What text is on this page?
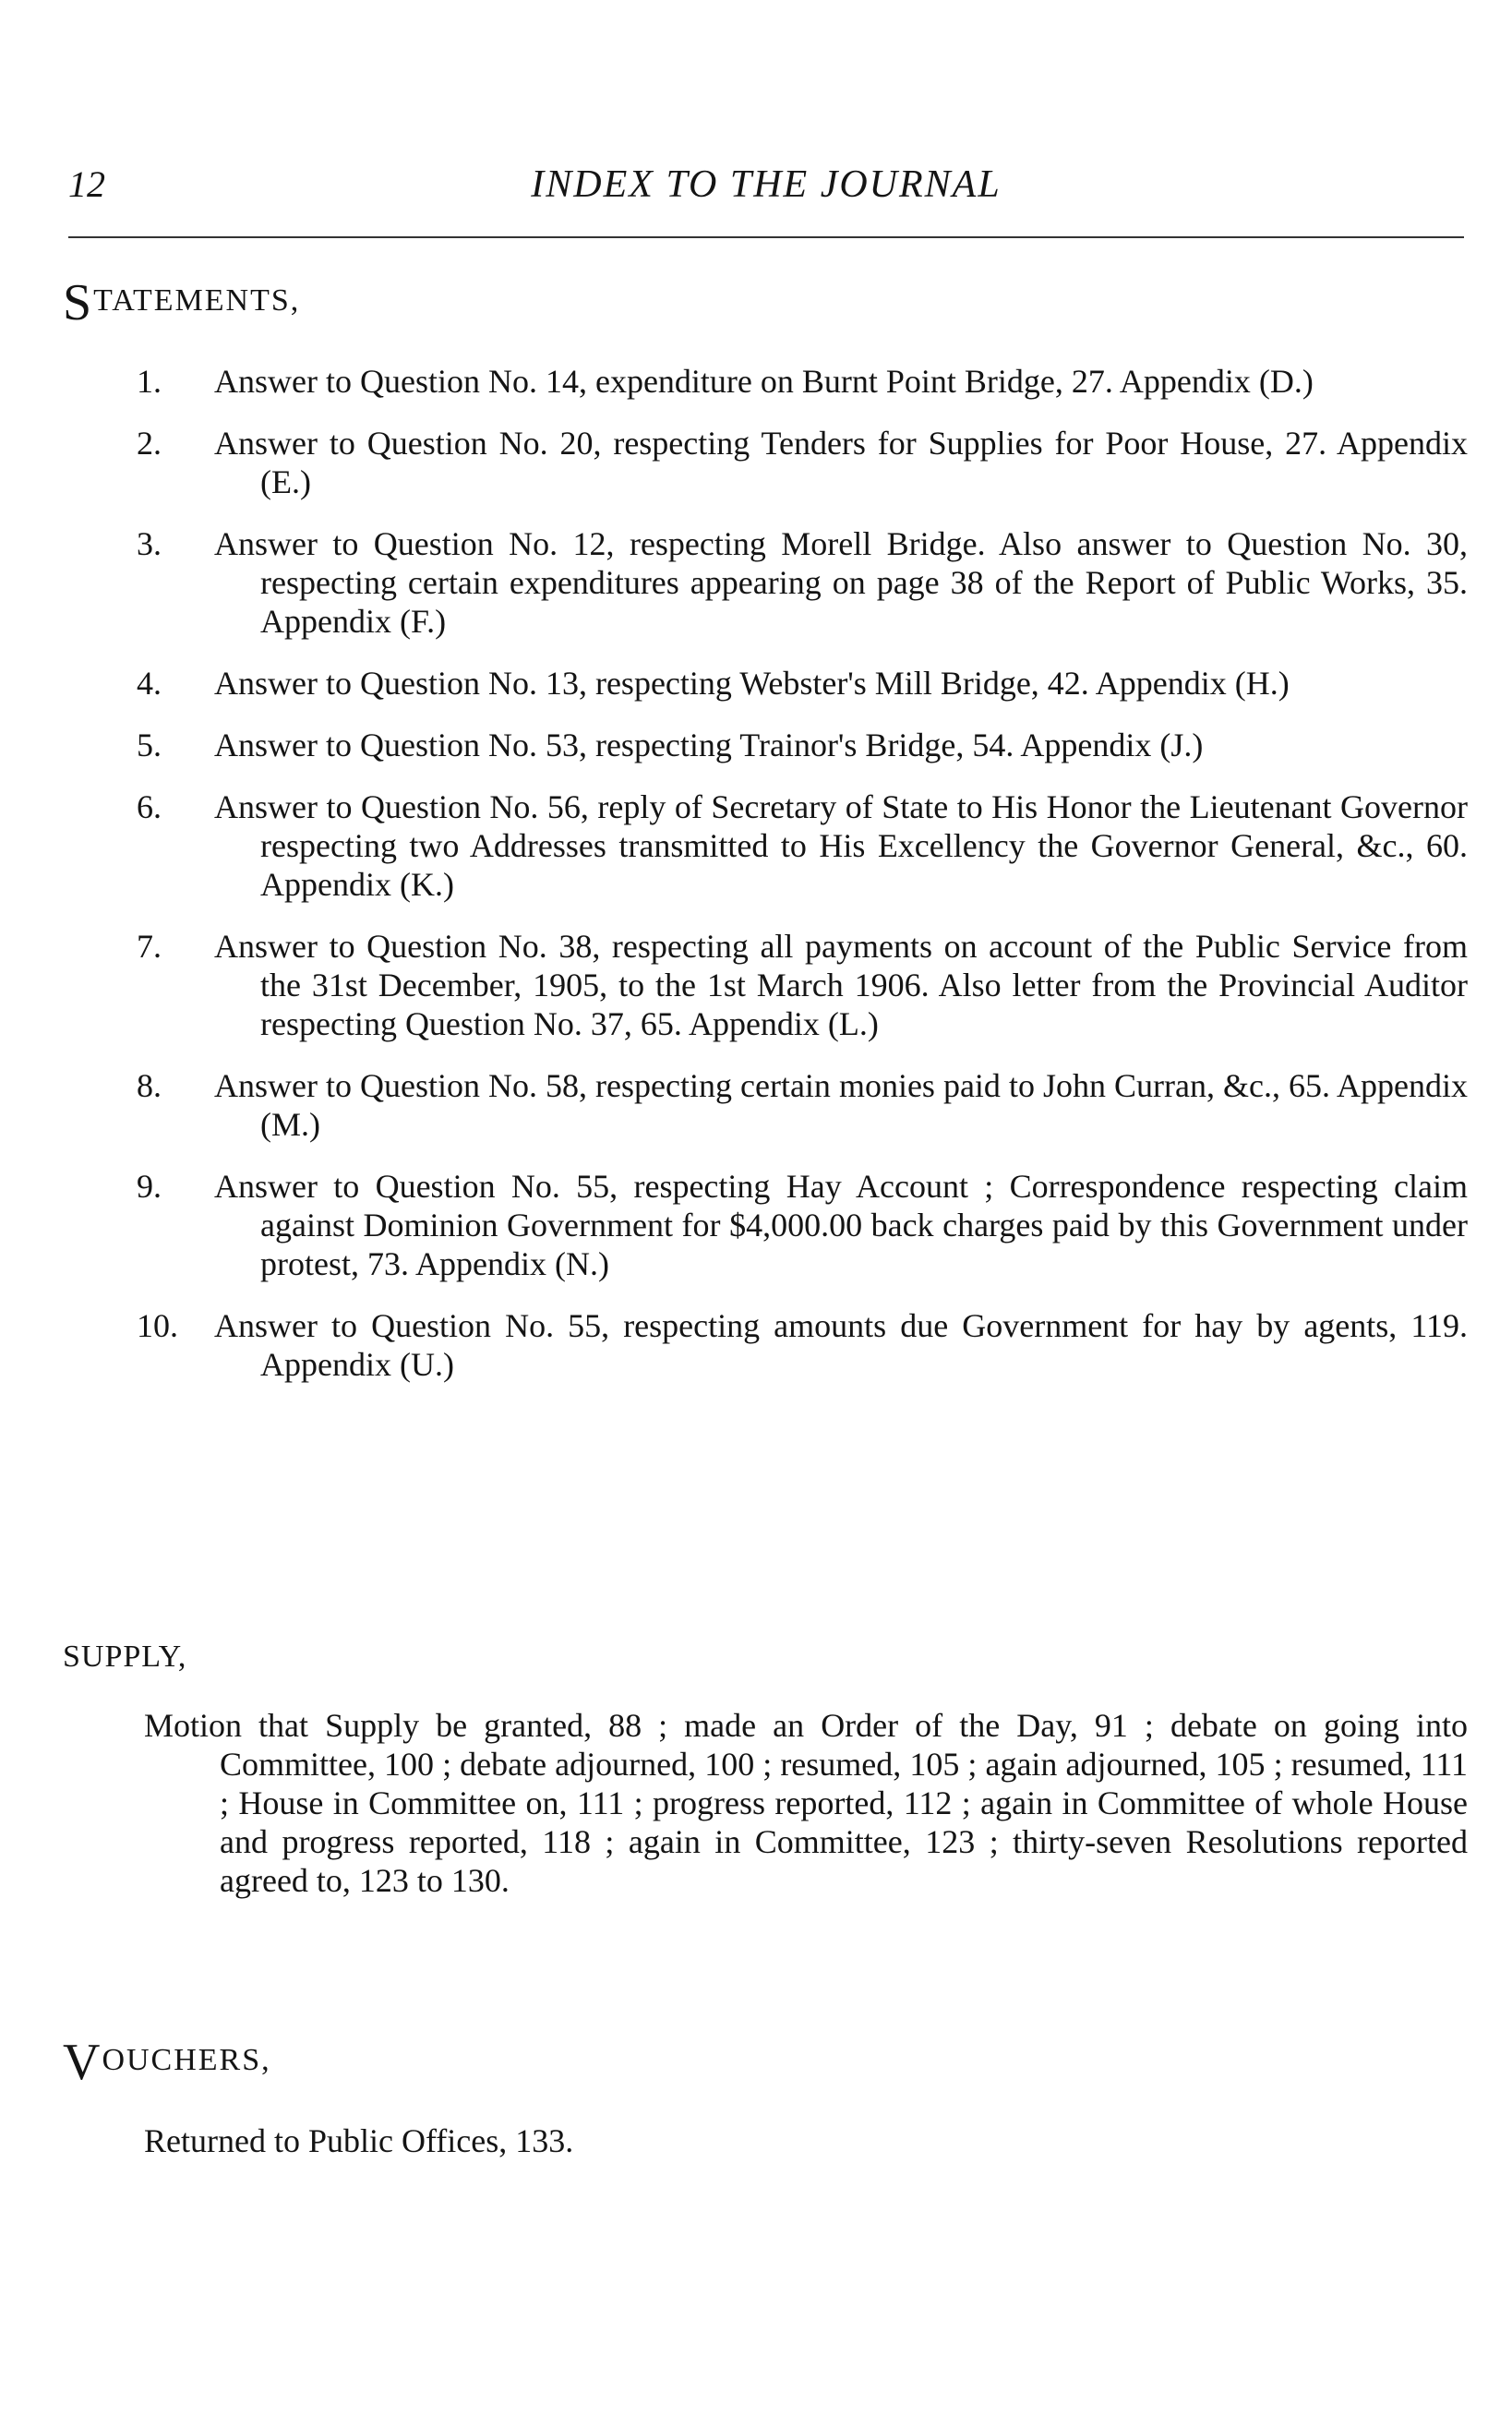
12	INDEX TO THE JOURNAL
STATEMENTS,
1.	Answer to Question No. 14, expenditure on Burnt Point Bridge, 27. Appendix (D.)
2.	Answer to Question No. 20, respecting Tenders for Supplies for Poor House, 27. Appendix (E.)
3.	Answer to Question No. 12, respecting Morell Bridge. Also answer to Question No. 30, respecting certain expenditures appearing on page 38 of the Report of Public Works, 35. Appendix (F.)
4.	Answer to Question No. 13, respecting Webster's Mill Bridge, 42. Appendix (H.)
5.	Answer to Question No. 53, respecting Trainor's Bridge, 54. Appendix (J.)
6.	Answer to Question No. 56, reply of Secretary of State to His Honor the Lieutenant Governor respecting two Addresses transmitted to His Excellency the Governor General, &c., 60. Appendix (K.)
7.	Answer to Question No. 38, respecting all payments on account of the Public Service from the 31st December, 1905, to the 1st March 1906. Also letter from the Provincial Auditor respecting Question No. 37, 65. Appendix (L.)
8.	Answer to Question No. 58, respecting certain monies paid to John Curran, &c., 65. Appendix (M.)
9.	Answer to Question No. 55, respecting Hay Account ; Correspondence respecting claim against Dominion Government for $4,000.00 back charges paid by this Government under protest, 73. Appendix (N.)
10.	Answer to Question No. 55, respecting amounts due Government for hay by agents, 119. Appendix (U.)
SUPPLY,

Motion that Supply be granted, 88 ; made an Order of the Day, 91 ; debate on going into Committee, 100 ; debate adjourned, 100 ; resumed, 105 ; again adjourned, 105 ; resumed, 111 ; House in Committee on, 111 ; progress reported, 112 ; again in Committee of whole House and progress reported, 118 ; again in Committee, 123 ; thirty-seven Resolutions reported agreed to, 123 to 130.

VOUCHERS,

Returned to Public Offices, 133.
